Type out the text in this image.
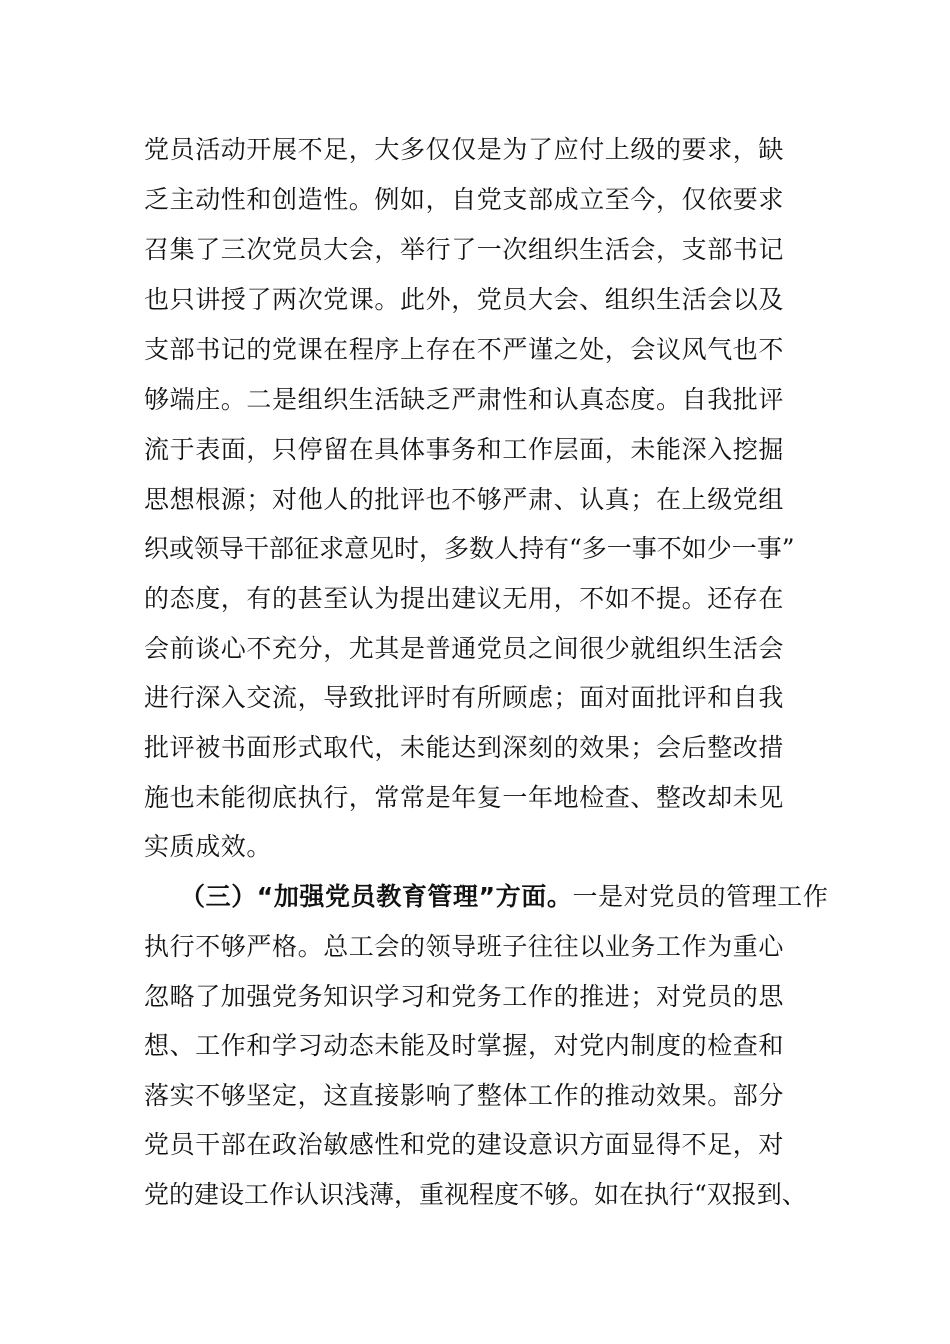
党员活动开展不足，大多仅仅是为了应付上级的要求，缺
乏主动性和创造性。例如，自党支部成立至今，仅依要求
召集了三次党员大会，举行了一次组织生活会，支部书记
也只讲授了两次党课。此外，党员大会、组织生活会以及
支部书记的党课在程序上存在不严谨之处，会议风气也不
够端庄。二是组织生活缺乏严肃性和认真态度。自我批评
流于表面，只停留在具体事务和工作层面，未能深入挖掘
思想根源；对他人的批评也不够严肃、认真；在上级党组
织或领导干部征求意见时，多数人持有“多一事不如少一事”
的态度，有的甚至认为提出建议无用，不如不提。还存在
会前谈心不充分，尤其是普通党员之间很少就组织生活会
进行深入交流，导致批评时有所顾虑；面对面批评和自我
批评被书面形式取代，未能达到深刻的效果；会后整改措
施也未能彻底执行，常常是年复一年地检查、整改却未见
实质成效。
（三）“加强党员教育管理”方面。一是对党员的管理工作
执行不够严格。总工会的领导班子往往以业务工作为重心
忽略了加强党务知识学习和党务工作的推进；对党员的思
想、工作和学习动态未能及时掌握，对党内制度的检查和
落实不够坚定，这直接影响了整体工作的推动效果。部分
党员干部在政治敏感性和党的建设意识方面显得不足，对
党的建设工作认识浅薄，重视程度不够。如在执行“双报到、
